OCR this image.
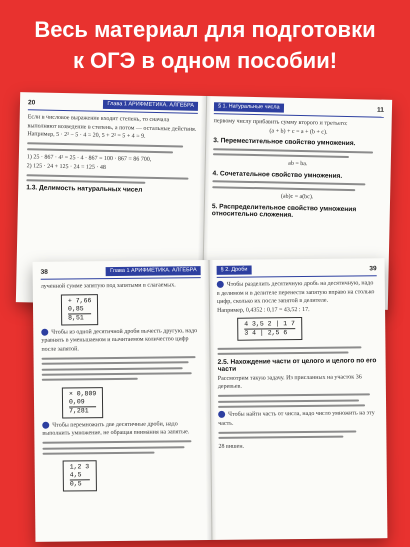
Весь материал для подготовки
к ОГЭ в одном пособии!
20	Глава 1 АРИФМЕТИКА. АЛГЕБРА
Если в числовое выражение входит степень, то сначала выполняют возведение в степень, а потом — остальные действия.
Например, 5 · 2² − 5 · 4 = 20, 5 + 2² = 5 + 4 = 9.
1) 25 · 867 · 4² = 25 · 4 · 867 = 100 · 867 = 86 700,
2) 125 · 24 + 125 · 24 = 125 · 48
1.3. Делимость натуральных чисел
§ 1. Натуральные числа	11
первому числу прибавить сумму второго и третьего:
(a + b) + c = a + (b + c).
3. Переместительное свойство умножения.
ab = ba.
4. Сочетательное свойство умножения.
(ab)c = a(bc).
5. Распределительное свойство умножения относительно сложения.
38	Глава 1 АРИФМЕТИКА. АЛГЕБРА
лученной сумме запятую под запятыми в слагаемых.
+ 7,66
0,85
8,51
Чтобы из одной десятичной дроби вычесть другую, надо уравнять в уменьшаемом и вычитаемом количество цифр после запятой.
× 0,809
0,09
7,281
Чтобы перемножить две десятичные дроби, надо выполнить умножение, не обращая внимания на запятые.
1,2 3
4,5
0,5
§ 2. Дроби	39
Чтобы разделить десятичную дробь на десятичную, надо в делимом и в делителе перенести запятую вправо на столько цифр, сколько их после запятой в делителе.
Например, 0,4352 : 0,17 = 43,52 : 17.
$\frac{4 3,5 2 | 1 7}{3 4 | 2,5 6}$
2.5. Нахождение части от целого и целого по его части
Рассмотрим такую задачу. Из присланных на участок 36 деревьев.
Чтобы найти часть от числа, надо число умножить на эту часть.
28 вишен.
